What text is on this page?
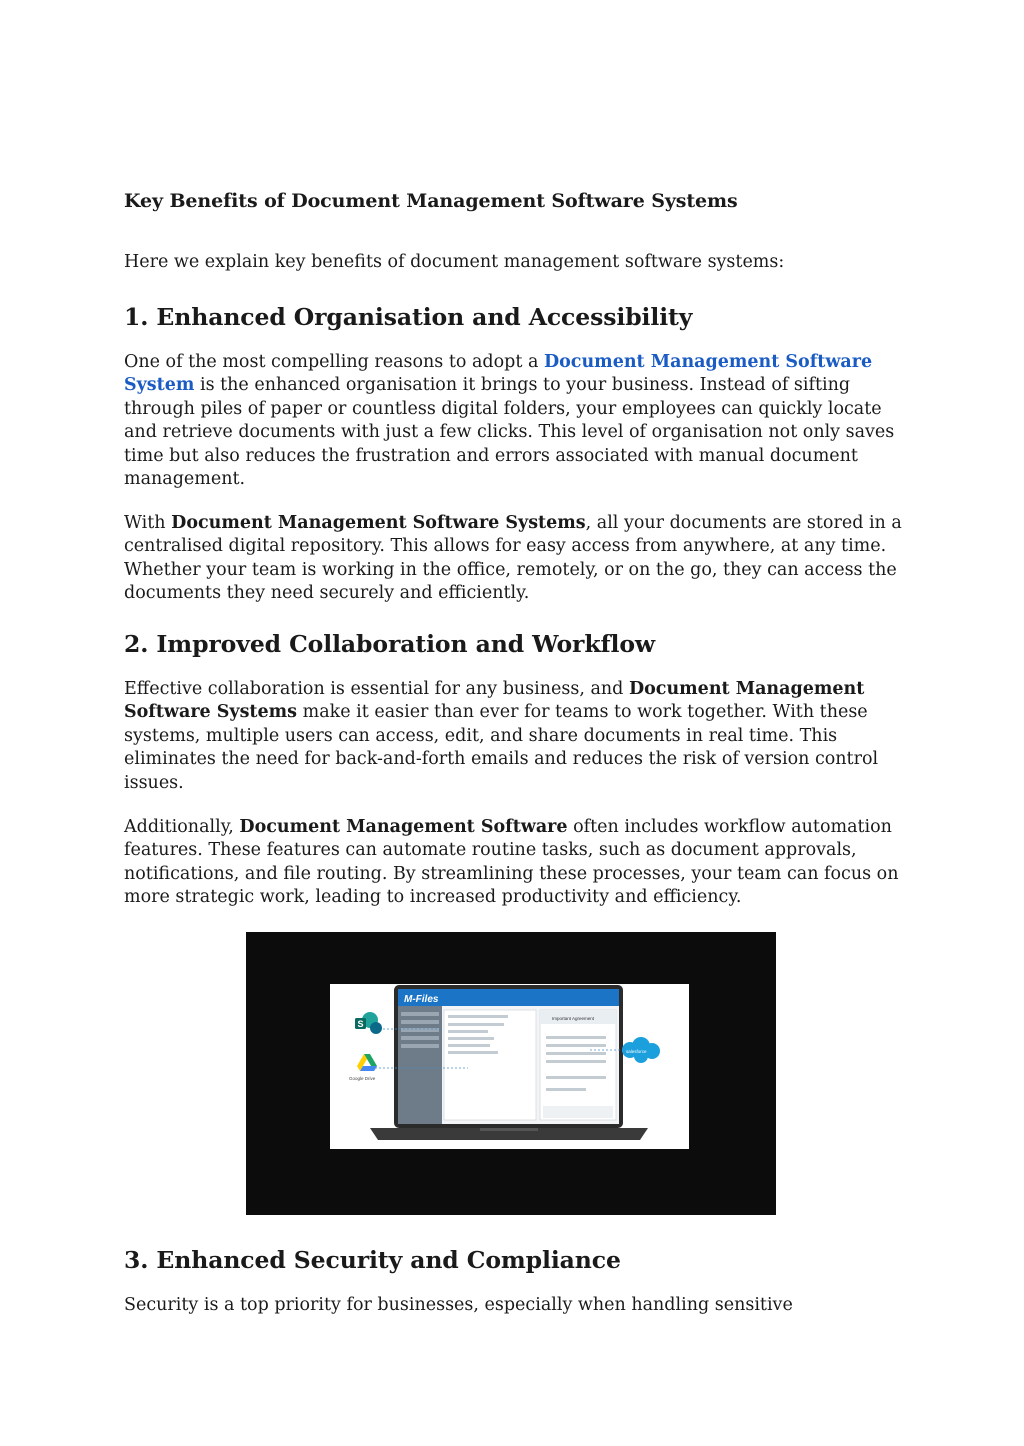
Key Benefits of Document Management Software Systems
Here we explain key benefits of document management software systems:
1. Enhanced Organisation and Accessibility

One of the most compelling reasons to adopt a Document Management Software System is the enhanced organisation it brings to your business. Instead of sifting through piles of paper or countless digital folders, your employees can quickly locate and retrieve documents with just a few clicks. This level of organisation not only saves time but also reduces the frustration and errors associated with manual document management.

With Document Management Software Systems, all your documents are stored in a centralised digital repository. This allows for easy access from anywhere, at any time. Whether your team is working in the office, remotely, or on the go, they can access the documents they need securely and efficiently.

2. Improved Collaboration and Workflow

Effective collaboration is essential for any business, and Document Management Software Systems make it easier than ever for teams to work together. With these systems, multiple users can access, edit, and share documents in real time. This eliminates the need for back-and-forth emails and reduces the risk of version control issues.

Additionally, Document Management Software often includes workflow automation features. These features can automate routine tasks, such as document approvals, notifications, and file routing. By streamlining these processes, your team can focus on more strategic work, leading to increased productivity and efficiency.

M-Files
Important Agreement
S
Google Drive
salesforce
3. Enhanced Security and Compliance

Security is a top priority for businesses, especially when handling sensitive
